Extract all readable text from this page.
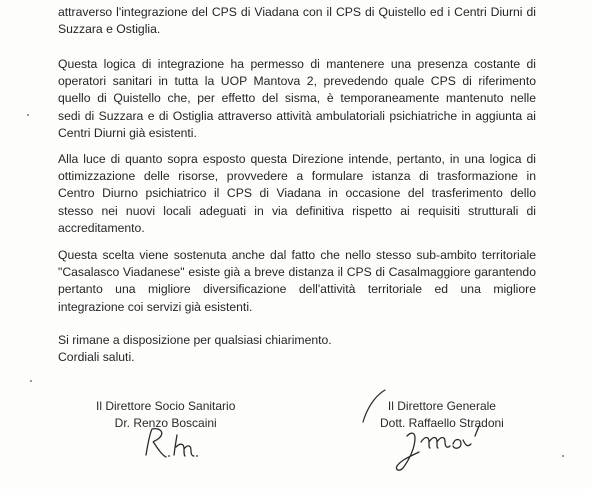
attraverso l'integrazione del CPS di Viadana con il CPS di Quistello ed i Centri Diurni di
Suzzara e Ostiglia.

Questa logica di integrazione ha permesso di mantenere una presenza costante di
operatori sanitari in tutta la UOP Mantova 2, prevedendo quale CPS di riferimento
quello di Quistello che, per effetto del sisma, è temporaneamente mantenuto nelle
sedi di Suzzara e di Ostiglia attraverso attività ambulatoriali psichiatriche in aggiunta ai
Centri Diurni già esistenti.

Alla luce di quanto sopra esposto questa Direzione intende, pertanto, in una logica di
ottimizzazione delle risorse, provvedere a formulare istanza di trasformazione in
Centro Diurno psichiatrico il CPS di Viadana in occasione del trasferimento dello
stesso nei nuovi locali adeguati in via definitiva rispetto ai requisiti strutturali di
accreditamento.

Questa scelta viene sostenuta anche dal fatto che nello stesso sub-ambito territoriale
"Casalasco Viadanese" esiste già a breve distanza il CPS di Casalmaggiore garantendo
pertanto una migliore diversificazione dell'attività territoriale ed una migliore
integrazione coi servizi già esistenti.

Si rimane a disposizione per qualsiasi chiarimento.
Cordiali saluti.

Il Direttore Socio Sanitario
Dr. Renzo Boscaini
Il Direttore Generale
Dott. Raffaello Stradoni
